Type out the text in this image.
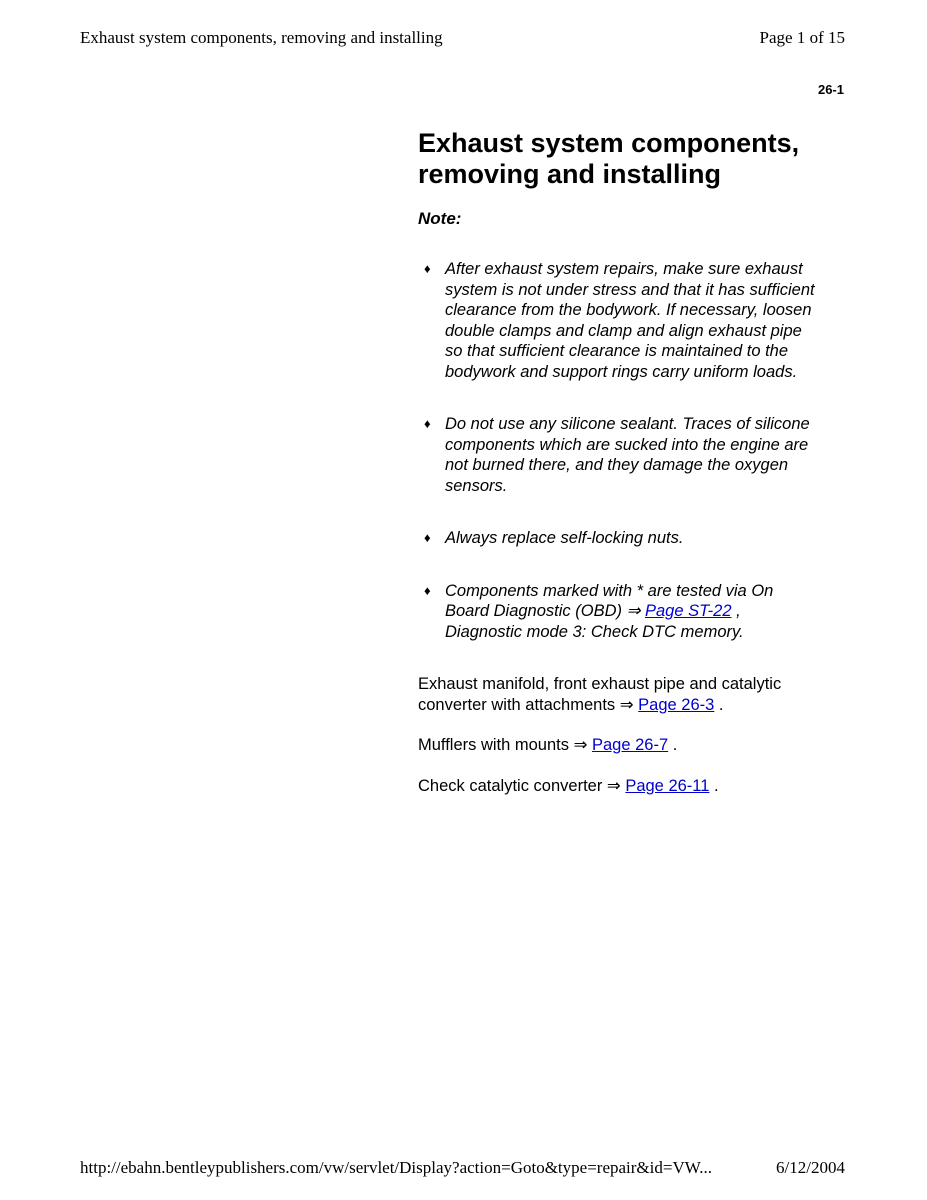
Exhaust system components, removing and installing	Page 1 of 15
26-1
Exhaust system components, removing and installing
Note:
♦ After exhaust system repairs, make sure exhaust system is not under stress and that it has sufficient clearance from the bodywork. If necessary, loosen double clamps and clamp and align exhaust pipe so that sufficient clearance is maintained to the bodywork and support rings carry uniform loads.
♦ Do not use any silicone sealant. Traces of silicone components which are sucked into the engine are not burned there, and they damage the oxygen sensors.
♦ Always replace self-locking nuts.
♦ Components marked with * are tested via On Board Diagnostic (OBD) ⇒ Page ST-22 , Diagnostic mode 3: Check DTC memory.

Exhaust manifold, front exhaust pipe and catalytic converter with attachments ⇒ Page 26-3 .

Mufflers with mounts ⇒ Page 26-7 .

Check catalytic converter ⇒ Page 26-11 .

http://ebahn.bentleypublishers.com/vw/servlet/Display?action=Goto&type=repair&id=VW...	6/12/2004
